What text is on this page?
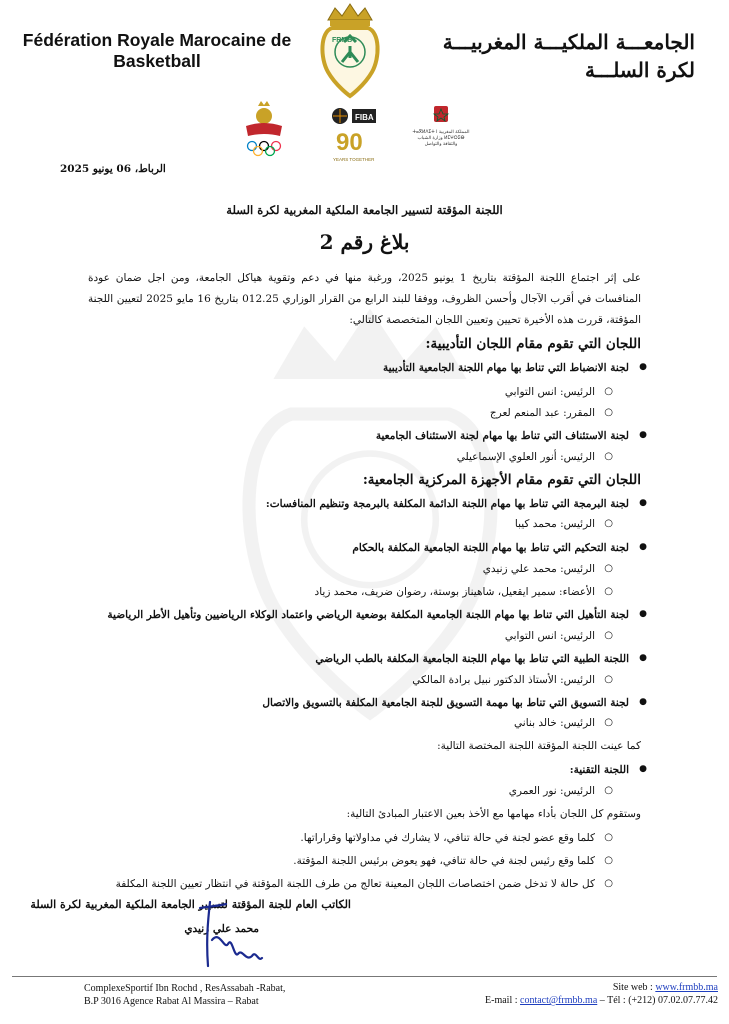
Fédération Royale Marocaine de Basketball
الجامعـــة الملكيـــة المغربيـــة
لكرة السلـــة
FRMB
FIBA
90
YEARS TOGETHER
المملكة المغربية ⵜⴰⴳⵍⴷⵉⵜ ⵏ ⵍⵎⵖⵔⵉⴱ وزارة الشباب والثقافة والتواصل
الرباط، 06 يونيو 2025
اللجنة المؤقتة لتسيير الجامعة الملكية المغربية لكرة السلة
بلاغ رقم 2
على إثر اجتماع اللجنة المؤقتة بتاريخ 1 يونيو 2025، ورغبة منها في دعم وتقوية هياكل الجامعة، ومن اجل ضمان عودة المنافسات في أقرب الآجال وأحسن الظروف، ووفقا للبند الرابع من القرار الوزاري 012.25 بتاريخ 16 مايو 2025 لتعيين اللجنة المؤقتة، قررت هذه الأخيرة تحيين وتعيين اللجان المتخصصة كالتالي:
اللجان التي تقوم مقام اللجان التأديبية:
لجنة الانضباط التي تناط بها مهام اللجنة الجامعية التأديبية ●
الرئيس: انس التوابي ○
المقرر: عبد المنعم لعرج ○
لجنة الاستئناف التي تناط بها مهام لجنة الاستئناف الجامعية ●
الرئيس: أنور العلوي الإسماعيلي ○
اللجان التي تقوم مقام الأجهزة المركزية الجامعية:
لجنة البرمجة التي تناط بها مهام اللجنة الدائمة المكلفة بالبرمجة وتنظيم المنافسات: ●
الرئيس: محمد كيبا ○
لجنة التحكيم التي تناط بها مهام اللجنة الجامعية المكلفة بالحكام ●
الرئيس: محمد علي زنيدي ○
الأعضاء: سمير ايقعيل، شاهيناز بوستة، رضوان ضريف، محمد زياد ○
لجنة التأهيل التي تناط بها مهام اللجنة الجامعية المكلفة بوضعية الرياضي واعتماد الوكلاء الرياضيين وتأهيل الأطر الرياضية ●
الرئيس: انس التوابي ○
اللجنة الطبية التي تناط بها مهام اللجنة الجامعية المكلفة بالطب الرياضي ●
الرئيس: الأستاذ الدكتور نبيل برادة المالكي ○
لجنة التسويق التي تناط بها مهمة التسويق للجنة الجامعية المكلفة بالتسويق والاتصال ●
الرئيس: خالد بناني ○
كما عينت اللجنة المؤقتة اللجنة المختصة التالية:
اللجنة التقنية: ●
الرئيس: نور العمري ○
وستقوم كل اللجان بأداء مهامها مع الأخذ بعين الاعتبار المبادئ التالية:
كلما وقع عضو لجنة في حالة تنافي، لا يشارك في مداولاتها وقراراتها. ○
كلما وقع رئيس لجنة في حالة تنافي، فهو يعوض برئيس اللجنة المؤقتة. ○
كل حالة لا تدخل ضمن اختصاصات اللجان المعينة تعالج من طرف اللجنة المؤقتة في انتظار تعيين اللجنة المكلفة ○
الكاتب العام للجنة المؤقتة لتسيير الجامعة الملكية المغربية لكرة السلة
محمد علي زنيدي
ComplexeSportif Ibn Rochd , ResAssabah -Rabat,
B.P 3016 Agence Rabat Al Massira – Rabat
Site web : www.frmbb.ma
E-mail : contact@frmbb.ma – Tél : (+212) 07.02.07.77.42
